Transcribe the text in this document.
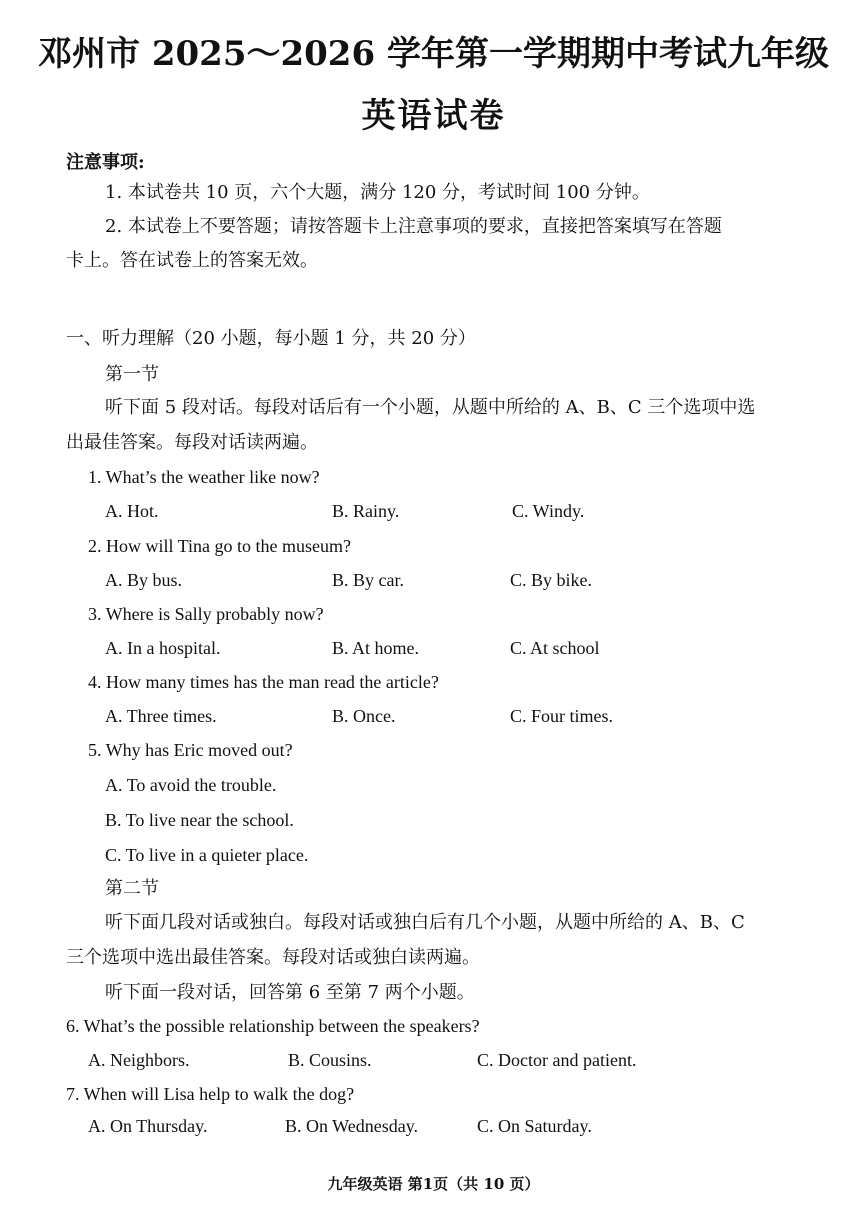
邓州市 2025～2026 学年第一学期期中考试九年级
英语试卷
注意事项:
1. 本试卷共 10 页，六个大题，满分 120 分，考试时间 100 分钟。
2. 本试卷上不要答题；请按答题卡上注意事项的要求，直接把答案填写在答题
卡上。答在试卷上的答案无效。
一、听力理解（20 小题，每小题 1 分，共 20 分）
第一节
听下面 5 段对话。每段对话后有一个小题，从题中所给的 A、B、C 三个选项中选
出最佳答案。每段对话读两遍。
1. What’s the weather like now?
A. Hot.	B. Rainy.	C. Windy.
2. How will Tina go to the museum?
A. By bus.	B. By car.	C. By bike.
3. Where is Sally probably now?
A. In a hospital.	B. At home.	C. At school
4. How many times has the man read the article?
A. Three times.	B. Once.	C. Four times.
5. Why has Eric moved out?
A. To avoid the trouble.
B. To live near the school.
C. To live in a quieter place.
第二节
听下面几段对话或独白。每段对话或独白后有几个小题，从题中所给的 A、B、C
三个选项中选出最佳答案。每段对话或独白读两遍。
听下面一段对话，回答第 6 至第 7 两个小题。
6. What’s the possible relationship between the speakers?
A. Neighbors.	B. Cousins.	C. Doctor and patient.
7. When will Lisa help to walk the dog?
A. On Thursday.	B. On Wednesday.	C. On Saturday.
九年级英语 第1页（共 10 页）
